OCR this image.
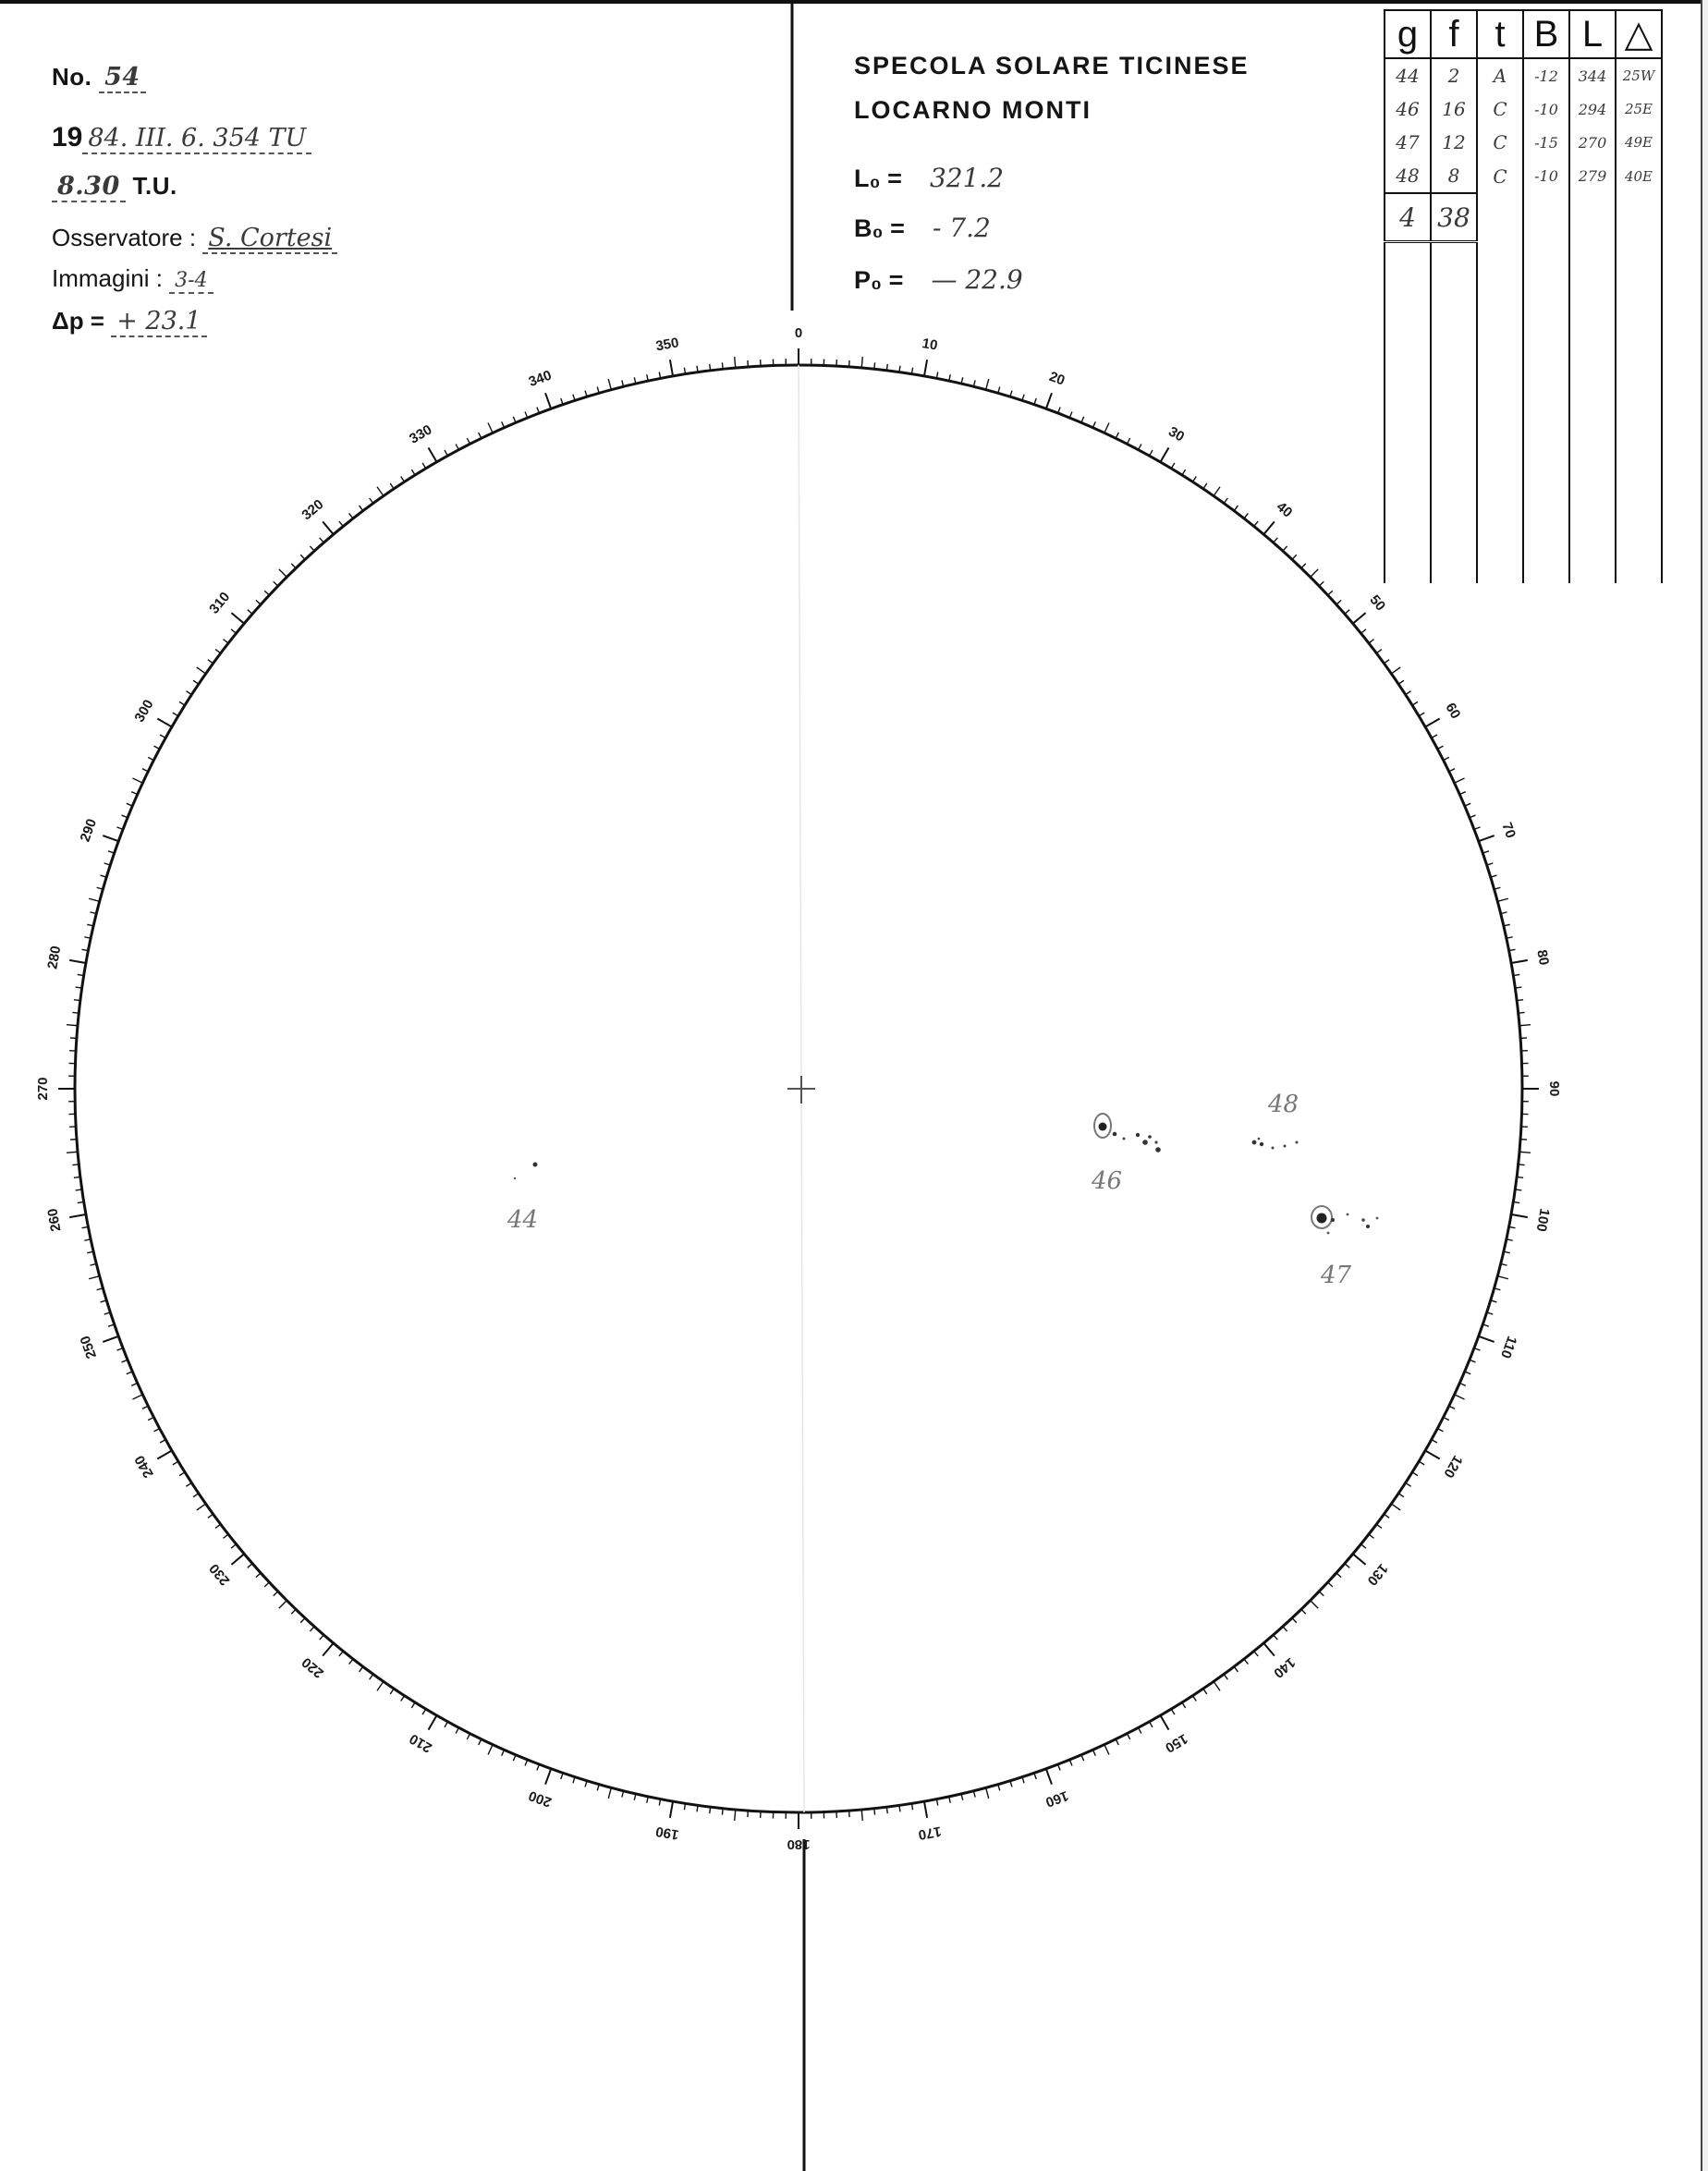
No. 54
19 84. III. 6. 354 TU
8.30 T.U.
Osservatore : S. Cortesi
Immagini : 3-4
Δp = + 23.1
SPECOLA SOLARE TICINESE
LOCARNO MONTI
L₀ = 321.2
B₀ = - 7.2
P₀ = — 22.9
g	f	t	B	L	△
44	2	A	-12	344	25W
46	16	C	-10	294	25E
47	12	C	-15	270	49E
48	8	C	-10	279	40E
4	38				

0
10
20
30
40
50
60
70
80
90
100
110
120
130
140
150
160
170
180
190
200
210
220
230
240
250
260
270
280
290
300
310
320
330
340
350
44
46
47
48
